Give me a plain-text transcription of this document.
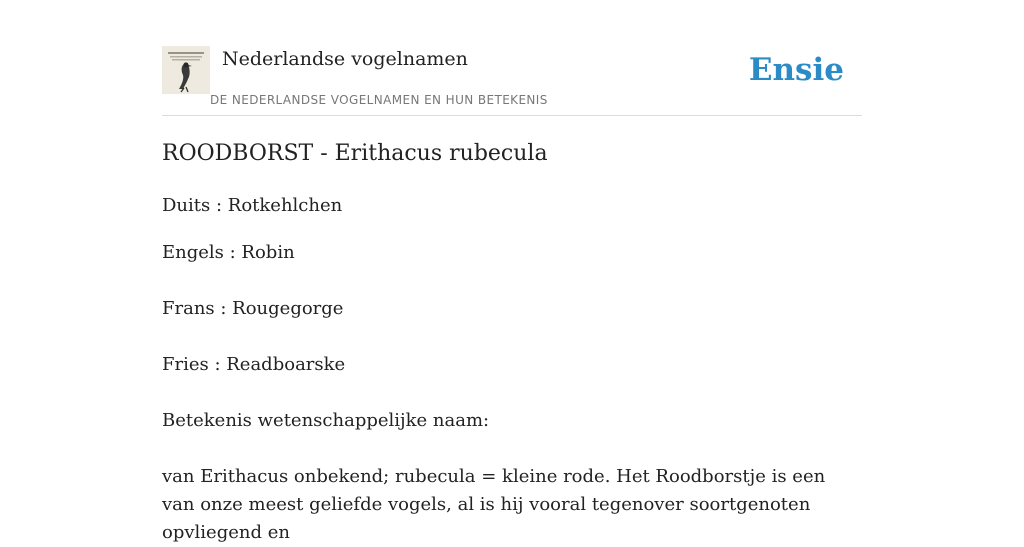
Nederlandse vogelnamen
DE NEDERLANDSE VOGELNAMEN EN HUN BETEKENIS
Ensie
ROODBORST - Erithacus rubecula

Duits : Rotkehlchen

Engels : Robin

Frans : Rougegorge

Fries : Readboarske

Betekenis wetenschappelijke naam:

van Erithacus onbekend; rubecula = kleine rode. Het Roodborstje is een van onze meest geliefde vogels, al is hij vooral tegenover soortgenoten opvliegend en
